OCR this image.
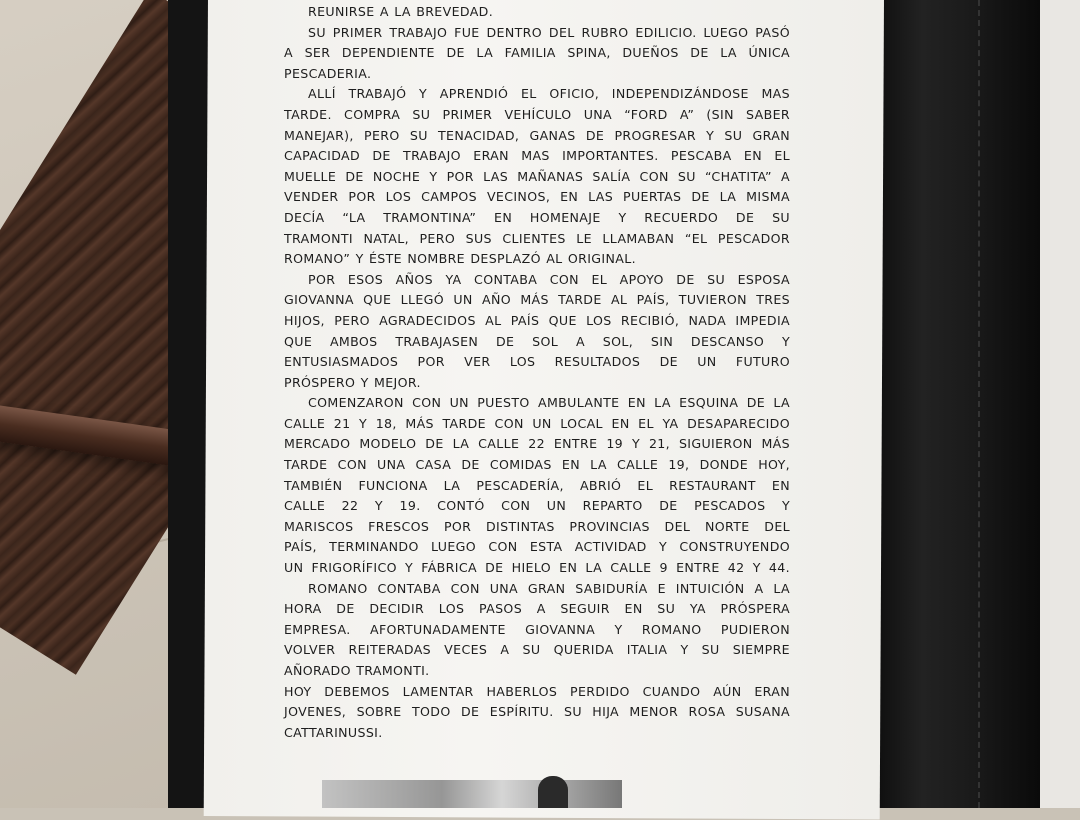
REUNIRSE A LA BREVEDAD.
SU PRIMER TRABAJO FUE DENTRO DEL RUBRO EDILICIO. LUEGO PASÓ
A SER DEPENDIENTE DE LA FAMILIA SPINA, DUEÑOS DE LA ÚNICA
PESCADERIA.
ALLÍ TRABAJÓ Y APRENDIÓ EL OFICIO, INDEPENDIZÁNDOSE MAS
TARDE. COMPRA SU PRIMER VEHÍCULO UNA “FORD A” (SIN SABER
MANEJAR), PERO SU TENACIDAD, GANAS DE PROGRESAR Y SU GRAN
CAPACIDAD DE TRABAJO ERAN MAS IMPORTANTES. PESCABA EN EL
MUELLE DE NOCHE Y POR LAS MAÑANAS SALÍA CON SU “CHATITA” A
VENDER POR LOS CAMPOS VECINOS, EN LAS PUERTAS DE LA MISMA
DECÍA “LA TRAMONTINA” EN HOMENAJE Y RECUERDO DE SU
TRAMONTI NATAL, PERO SUS CLIENTES LE LLAMABAN “EL PESCADOR
ROMANO” Y ÉSTE NOMBRE DESPLAZÓ AL ORIGINAL.
POR ESOS AÑOS YA CONTABA CON EL APOYO DE SU ESPOSA
GIOVANNA QUE LLEGÓ UN AÑO MÁS TARDE AL PAÍS, TUVIERON TRES
HIJOS, PERO AGRADECIDOS AL PAÍS QUE LOS RECIBIÓ, NADA IMPEDIA
QUE AMBOS TRABAJASEN DE SOL A SOL, SIN DESCANSO Y
ENTUSIASMADOS POR VER LOS RESULTADOS DE UN FUTURO
PRÓSPERO Y MEJOR.
COMENZARON CON UN PUESTO AMBULANTE EN LA ESQUINA DE LA
CALLE 21 Y 18, MÁS TARDE CON UN LOCAL EN EL YA DESAPARECIDO
MERCADO MODELO DE LA CALLE 22 ENTRE 19 Y 21, SIGUIERON MÁS
TARDE CON UNA CASA DE COMIDAS EN LA CALLE 19, DONDE HOY,
TAMBIÉN FUNCIONA LA PESCADERÍA, ABRIÓ EL RESTAURANT EN
CALLE 22 Y 19. CONTÓ CON UN REPARTO DE PESCADOS Y
MARISCOS FRESCOS POR DISTINTAS PROVINCIAS DEL NORTE DEL
PAÍS, TERMINANDO LUEGO CON ESTA ACTIVIDAD Y CONSTRUYENDO
UN FRIGORÍFICO Y FÁBRICA DE HIELO EN LA CALLE 9 ENTRE 42 Y 44.
ROMANO CONTABA CON UNA GRAN SABIDURÍA E INTUICIÓN A LA
HORA DE DECIDIR LOS PASOS A SEGUIR EN SU YA PRÓSPERA
EMPRESA. AFORTUNADAMENTE GIOVANNA Y ROMANO PUDIERON
VOLVER REITERADAS VECES A SU QUERIDA ITALIA Y SU SIEMPRE
AÑORADO TRAMONTI.
HOY DEBEMOS LAMENTAR HABERLOS PERDIDO CUANDO AÚN ERAN
JOVENES, SOBRE TODO DE ESPÍRITU. SU HIJA MENOR ROSA SUSANA
CATTARINUSSI.
